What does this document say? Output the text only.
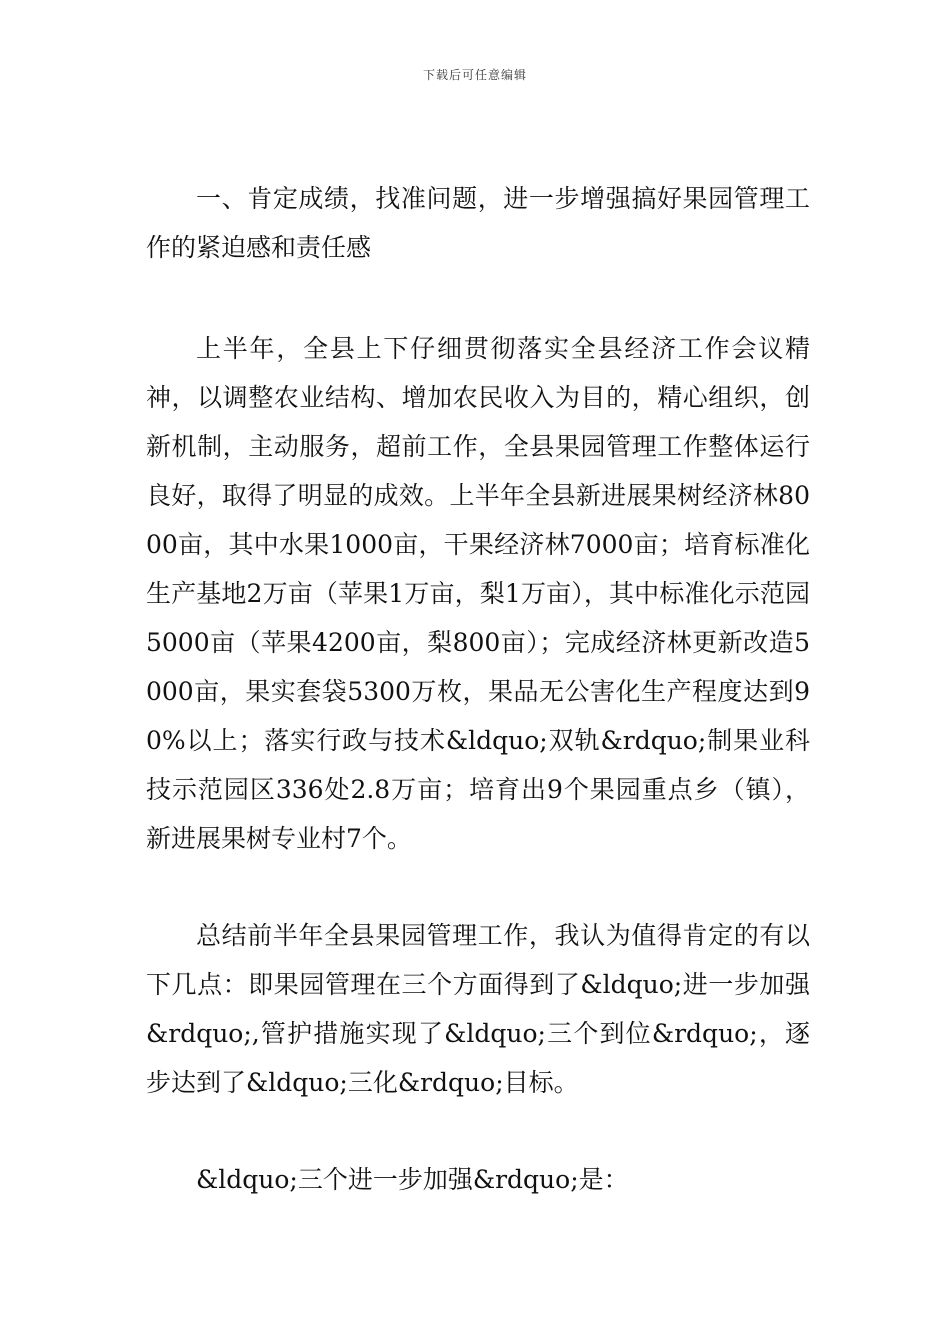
下载后可任意编辑

一、肯定成绩，找准问题，进一步增强搞好果园管理工作的紧迫感和责任感

上半年，全县上下仔细贯彻落实全县经济工作会议精神，以调整农业结构、增加农民收入为目的，精心组织，创新机制，主动服务，超前工作，全县果园管理工作整体运行良好，取得了明显的成效。上半年全县新进展果树经济林8000亩，其中水果1000亩，干果经济林7000亩；培育标准化生产基地2万亩（苹果1万亩，梨1万亩），其中标准化示范园5000亩（苹果4200亩，梨800亩）；完成经济林更新改造5000亩，果实套袋5300万枚，果品无公害化生产程度达到90%以上；落实行政与技术&ldquo;双轨&rdquo;制果业科技示范园区336处2.8万亩；培育出9个果园重点乡（镇），新进展果树专业村7个。

总结前半年全县果园管理工作，我认为值得肯定的有以下几点：即果园管理在三个方面得到了&ldquo;进一步加强&rdquo;,管护措施实现了&ldquo;三个到位&rdquo;，逐步达到了&ldquo;三化&rdquo;目标。

&ldquo;三个进一步加强&rdquo;是：
